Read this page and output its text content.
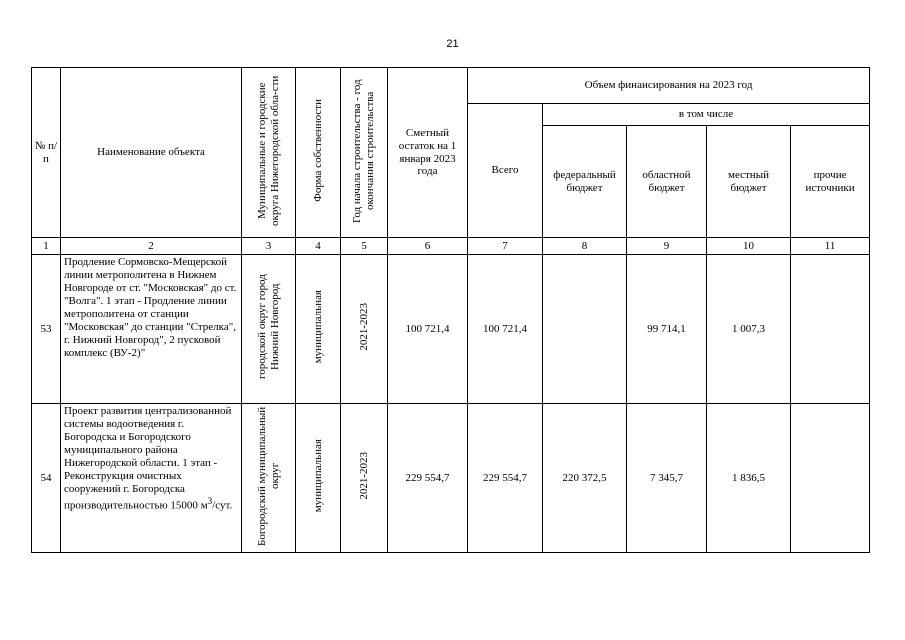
21
№ п/п	Наименование объекта	Муниципальные и городские округа Нижегородской обла-сти	Форма собственности	Год начала строительства - год окончания строительства	Сметный остаток на 1 января 2023 года	Объем финансирования на 2023 год				
						Всего	в том числе			
							федеральный бюджет	областной бюджет	местный бюджет	прочие источники
1	2	3	4	5	6	7	8	9	10	11
53	Продление Сормовско-Мещерской линии метрополитена в Нижнем Новгороде от ст. "Московская" до ст. "Волга". 1 этап - Продление линии метрополитена от станции "Московская" до станции "Стрелка", г. Нижний Новгород", 2 пусковой комплекс (ВУ-2)"	городской округ город Нижний Новгород	муниципальная	2021-2023	100 721,4	100 721,4		99 714,1	1 007,3	
54	Проект развития централизованной системы водоотведения г. Богородска и Богородского муниципального района Нижегородской области. 1 этап - Реконструкция очистных сооружений г. Богородска производительностью 15000 $м^3$/сут.	Богородский муниципальный округ	муниципальная	2021-2023	229 554,7	229 554,7	220 372,5	7 345,7	1 836,5	
